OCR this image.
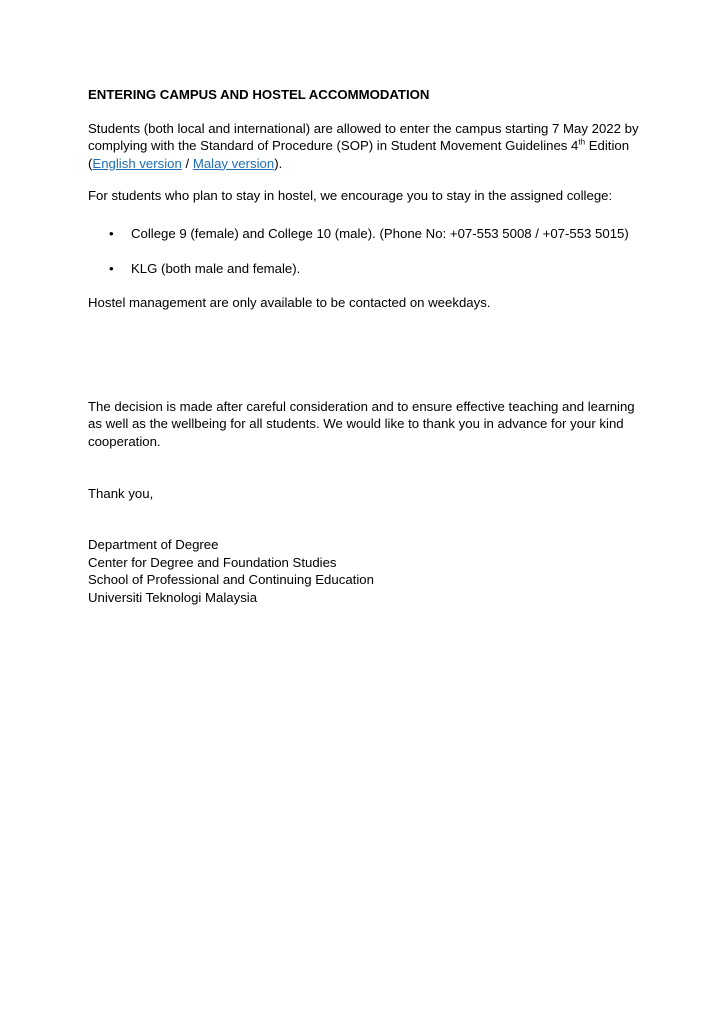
ENTERING CAMPUS AND HOSTEL ACCOMMODATION

Students (both local and international) are allowed to enter the campus starting 7 May 2022 by complying with the Standard of Procedure (SOP) in Student Movement Guidelines 4th Edition (English version / Malay version).

For students who plan to stay in hostel, we encourage you to stay in the assigned college:

• College 9 (female) and College 10 (male). (Phone No: +07-553 5008 / +07-553 5015)
• KLG (both male and female).

Hostel management are only available to be contacted on weekdays.

The decision is made after careful consideration and to ensure effective teaching and learning as well as the wellbeing for all students. We would like to thank you in advance for your kind cooperation.

Thank you,

Department of Degree
Center for Degree and Foundation Studies
School of Professional and Continuing Education
Universiti Teknologi Malaysia
